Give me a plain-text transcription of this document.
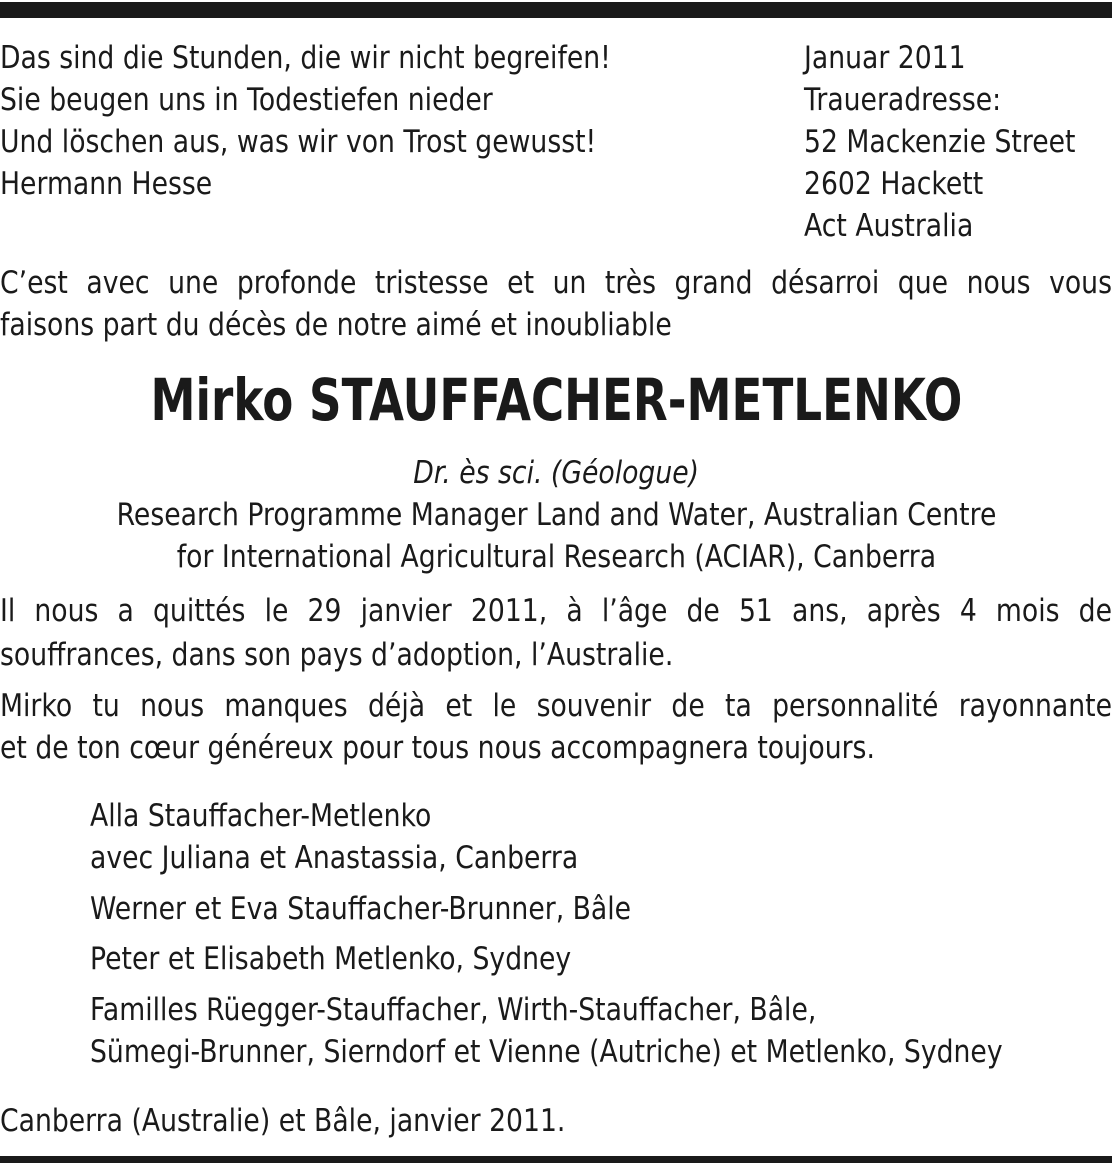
Das sind die Stunden, die wir nicht begreifen!
Sie beugen uns in Todestiefen nieder
Und löschen aus, was wir von Trost gewusst!
Hermann Hesse
Januar 2011
Traueradresse:
52 Mackenzie Street
2602 Hackett
Act Australia
C’est avec une profonde tristesse et un très grand désarroi que nous vous
faisons part du décès de notre aimé et inoubliable
Mirko STAUFFACHER-METLENKO
Dr. ès sci. (Géologue)
Research Programme Manager Land and Water, Australian Centre
for International Agricultural Research (ACIAR), Canberra
Il nous a quittés le 29 janvier 2011, à l’âge de 51 ans, après 4 mois de
souffrances, dans son pays d’adoption, l’Australie.
Mirko tu nous manques déjà et le souvenir de ta personnalité rayonnante
et de ton cœur généreux pour tous nous accompagnera toujours.
Alla Stauffacher-Metlenko
avec Juliana et Anastassia, Canberra
Werner et Eva Stauffacher-Brunner, Bâle
Peter et Elisabeth Metlenko, Sydney
Familles Rüegger-Stauffacher, Wirth-Stauffacher, Bâle,
Sümegi-Brunner, Sierndorf et Vienne (Autriche) et Metlenko, Sydney
Canberra (Australie) et Bâle, janvier 2011.
